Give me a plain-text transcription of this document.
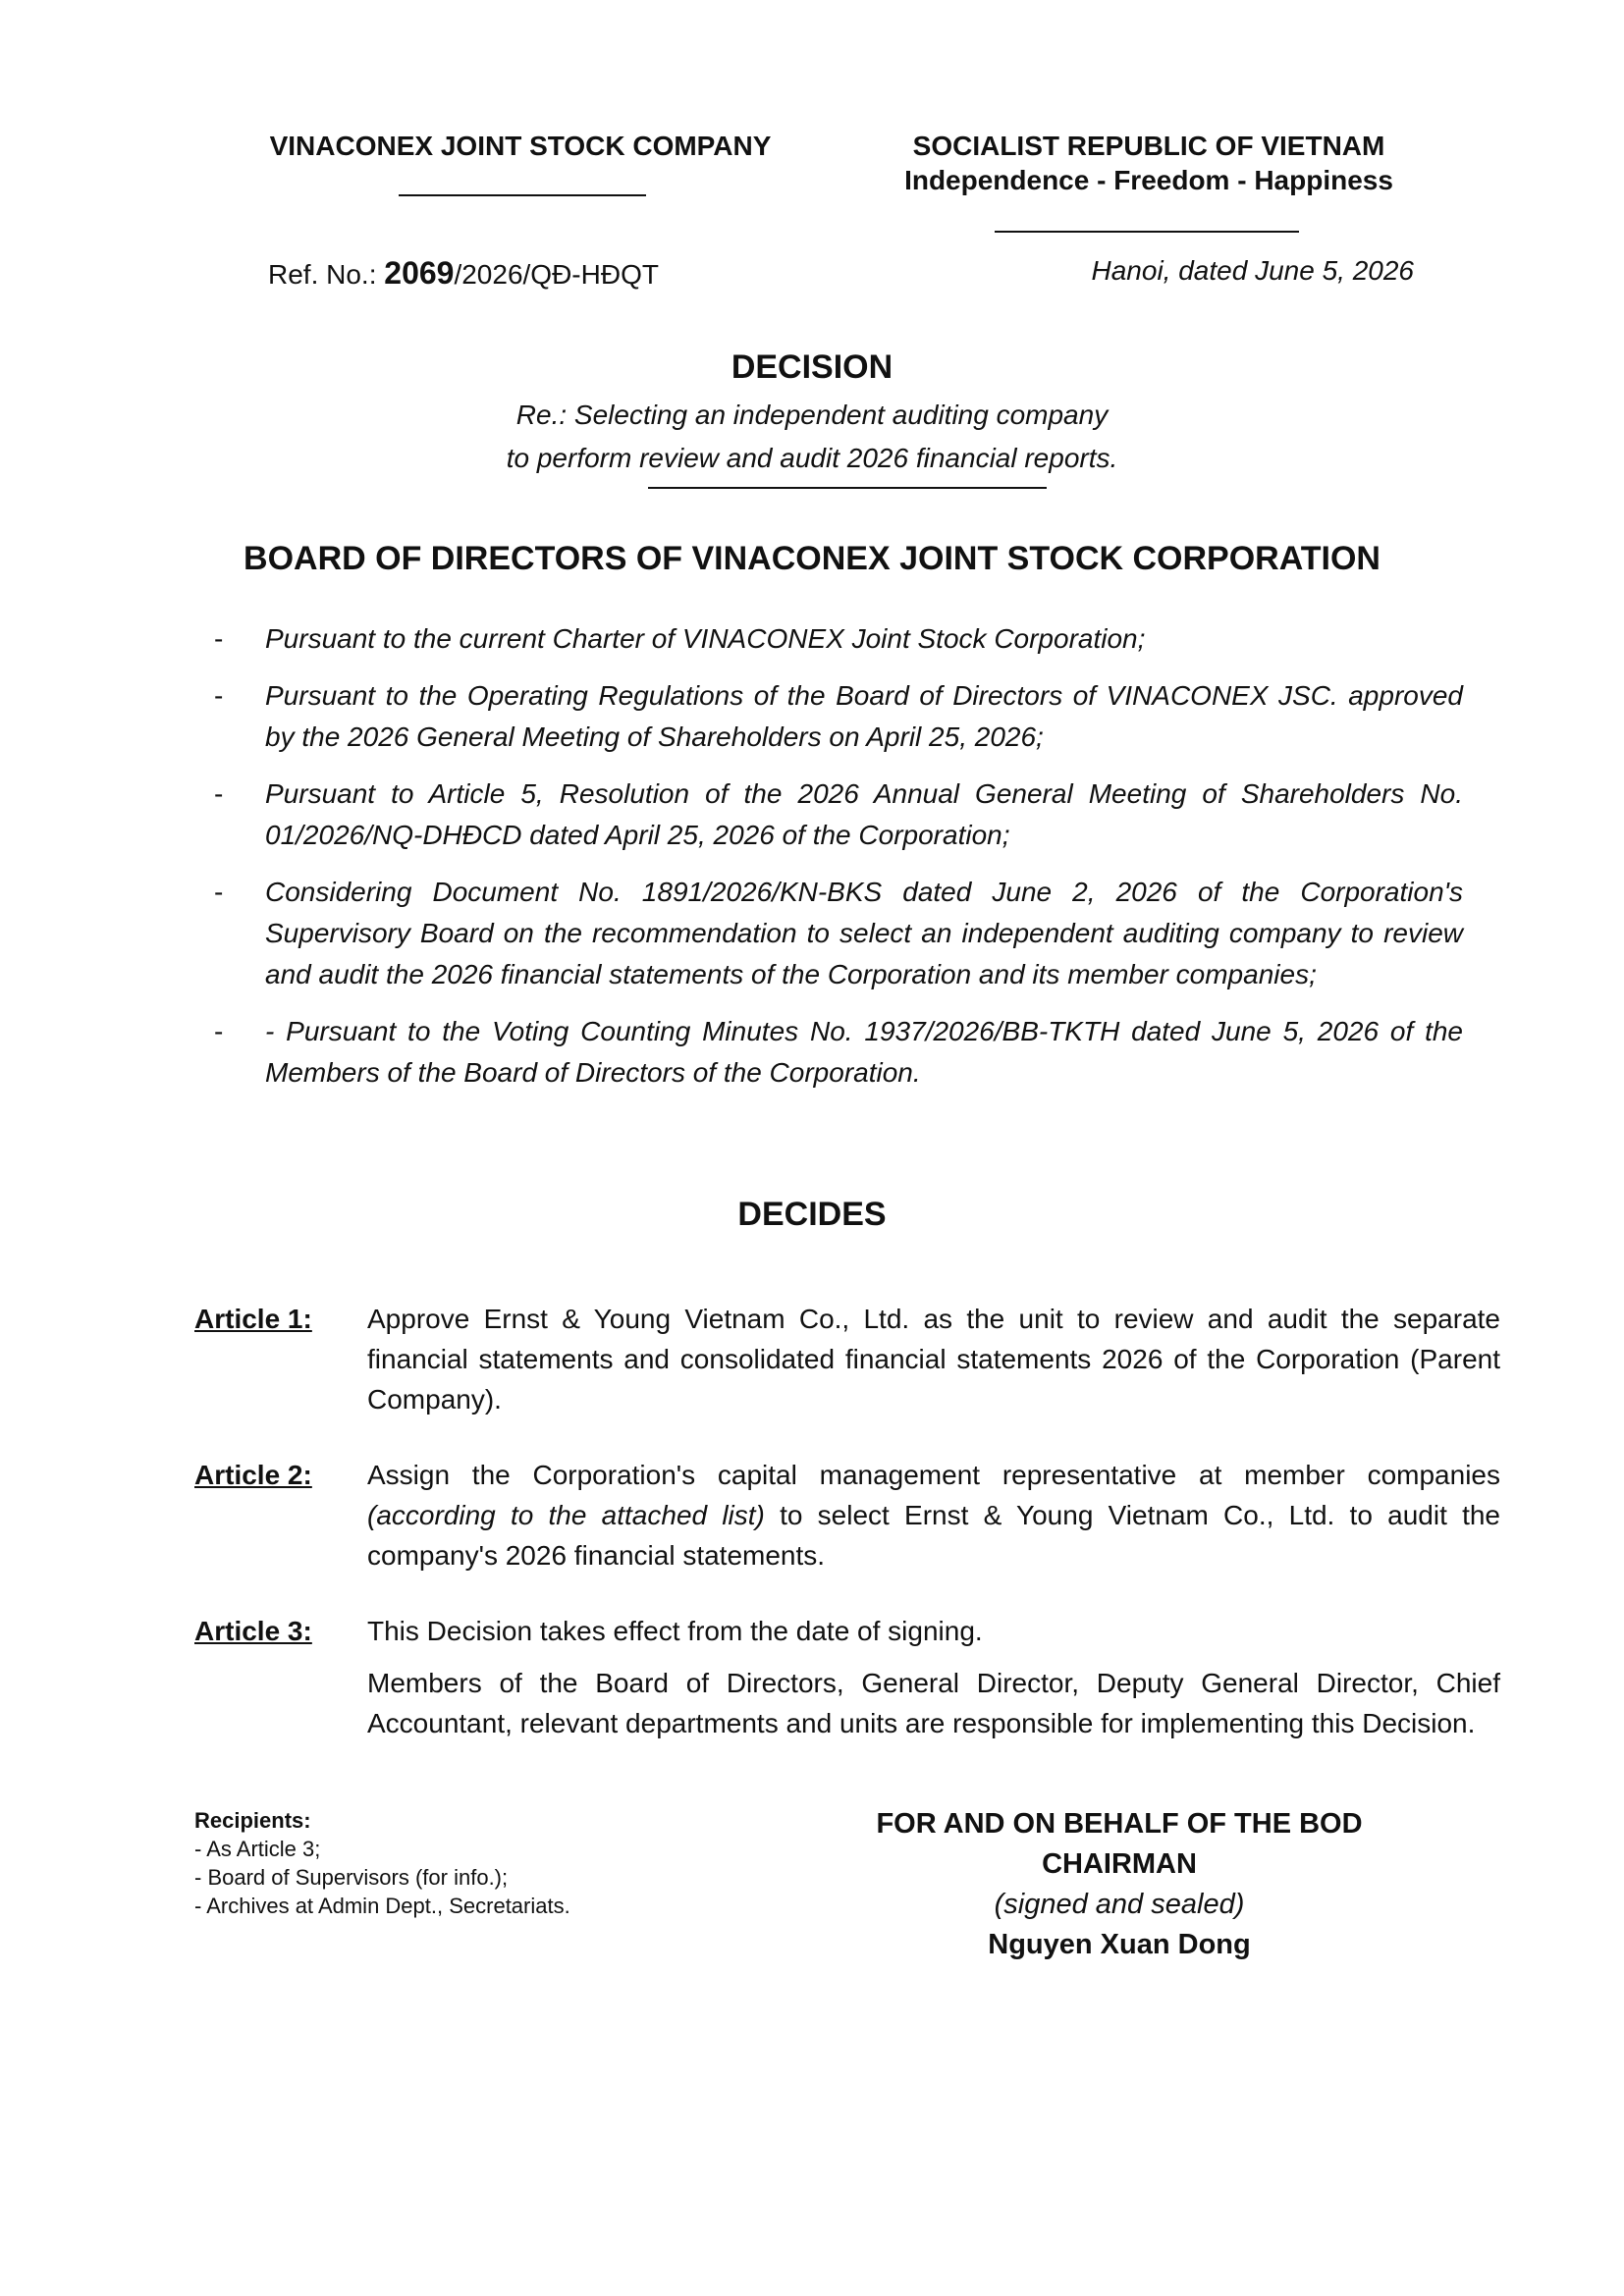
VINACONEX JOINT STOCK COMPANY	SOCIALIST REPUBLIC OF VIETNAM
Independence - Freedom - Happiness
Ref. No.: 2069/2026/QĐ-HĐQT	Hanoi, dated June 5, 2026
DECISION
Re.: Selecting an independent auditing company
to perform review and audit 2026 financial reports.
BOARD OF DIRECTORS OF VINACONEX JOINT STOCK CORPORATION
- Pursuant to the current Charter of VINACONEX Joint Stock Corporation;
- Pursuant to the Operating Regulations of the Board of Directors of VINACONEX JSC. approved by the 2026 General Meeting of Shareholders on April 25, 2026;
- Pursuant to Article 5, Resolution of the 2026 Annual General Meeting of Shareholders No. 01/2026/NQ-DHĐCD dated April 25, 2026 of the Corporation;
- Considering Document No. 1891/2026/KN-BKS dated June 2, 2026 of the Corporation's Supervisory Board on the recommendation to select an independent auditing company to review and audit the 2026 financial statements of the Corporation and its member companies;
- - Pursuant to the Voting Counting Minutes No. 1937/2026/BB-TKTH dated June 5, 2026 of the Members of the Board of Directors of the Corporation.
DECIDES
Article 1: Approve Ernst & Young Vietnam Co., Ltd. as the unit to review and audit the separate financial statements and consolidated financial statements 2026 of the Corporation (Parent Company).
Article 2: Assign the Corporation's capital management representative at member companies (according to the attached list) to select Ernst & Young Vietnam Co., Ltd. to audit the company's 2026 financial statements.
Article 3: This Decision takes effect from the date of signing.

Members of the Board of Directors, General Director, Deputy General Director, Chief Accountant, relevant departments and units are responsible for implementing this Decision.

Recipients:
- As Article 3;
- Board of Supervisors (for info.);
- Archives at Admin Dept., Secretariats.
FOR AND ON BEHALF OF THE BOD
CHAIRMAN
(signed and sealed)
Nguyen Xuan Dong
